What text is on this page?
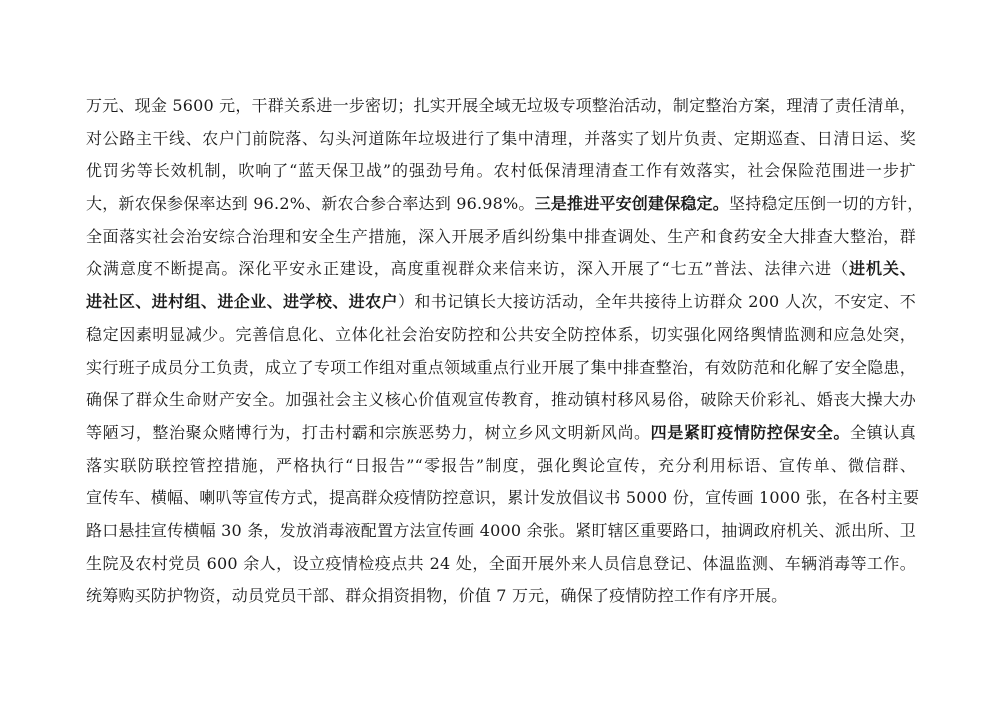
万元、现金 5600 元，干群关系进一步密切；扎实开展全域无垃圾专项整治活动，制定整治方案，理清了责任清单，
对公路主干线、农户门前院落、勾头河道陈年垃圾进行了集中清理，并落实了划片负责、定期巡查、日清日运、奖
优罚劣等长效机制，吹响了“蓝天保卫战”的强劲号角。农村低保清理清查工作有效落实，社会保险范围进一步扩
大，新农保参保率达到 96.2%、新农合参合率达到 96.98%。三是推进平安创建保稳定。坚持稳定压倒一切的方针，
全面落实社会治安综合治理和安全生产措施，深入开展矛盾纠纷集中排查调处、生产和食药安全大排查大整治，群
众满意度不断提高。深化平安永正建设，高度重视群众来信来访，深入开展了“七五”普法、法律六进（进机关、
进社区、进村组、进企业、进学校、进农户）和书记镇长大接访活动，全年共接待上访群众 200 人次，不安定、不
稳定因素明显减少。完善信息化、立体化社会治安防控和公共安全防控体系，切实强化网络舆情监测和应急处突，
实行班子成员分工负责，成立了专项工作组对重点领域重点行业开展了集中排查整治，有效防范和化解了安全隐患，
确保了群众生命财产安全。加强社会主义核心价值观宣传教育，推动镇村移风易俗，破除天价彩礼、婚丧大操大办
等陋习，整治聚众赌博行为，打击村霸和宗族恶势力，树立乡风文明新风尚。四是紧盯疫情防控保安全。全镇认真
落实联防联控管控措施，严格执行“日报告”“零报告”制度，强化舆论宣传，充分利用标语、宣传单、微信群、
宣传车、横幅、喇叭等宣传方式，提高群众疫情防控意识，累计发放倡议书 5000 份，宣传画 1000 张，在各村主要
路口悬挂宣传横幅 30 条，发放消毒液配置方法宣传画 4000 余张。紧盯辖区重要路口，抽调政府机关、派出所、卫
生院及农村党员 600 余人，设立疫情检疫点共 24 处，全面开展外来人员信息登记、体温监测、车辆消毒等工作。
统筹购买防护物资，动员党员干部、群众捐资捐物，价值 7 万元，确保了疫情防控工作有序开展。
